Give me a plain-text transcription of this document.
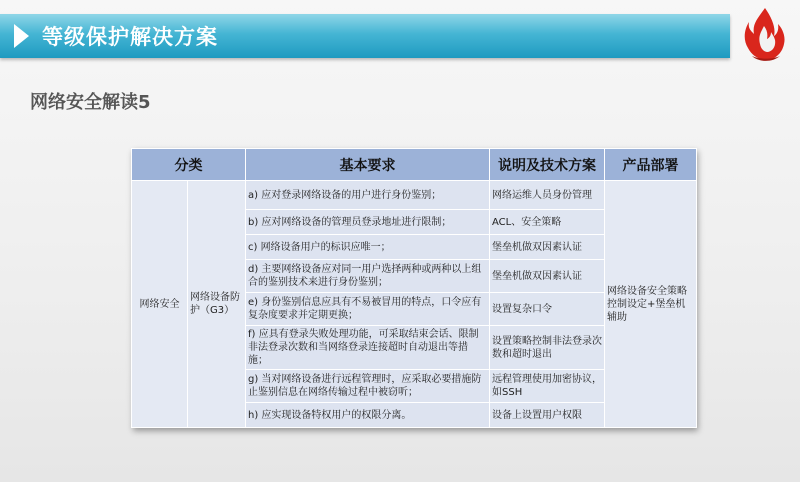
等级保护解决方案
网络安全解读5
分类		基本要求	说明及技术方案	产品部署
网络安全	网络设备防护（G3）	a) 应对登录网络设备的用户进行身份鉴别；	网络运维人员身份管理	网络设备安全策略控制设定+堡垒机辅助
		b) 应对网络设备的管理员登录地址进行限制；	ACL、安全策略	
		c) 网络设备用户的标识应唯一；	堡垒机做双因素认证	
		d) 主要网络设备应对同一用户选择两种或两种以上组合的鉴别技术来进行身份鉴别；	堡垒机做双因素认证	
		e) 身份鉴别信息应具有不易被冒用的特点，口令应有复杂度要求并定期更换；	设置复杂口令	
		f) 应具有登录失败处理功能，可采取结束会话、限制非法登录次数和当网络登录连接超时自动退出等措施；	设置策略控制非法登录次数和超时退出	
		g) 当对网络设备进行远程管理时，应采取必要措施防止鉴别信息在网络传输过程中被窃听；	远程管理使用加密协议，如SSH	
		h) 应实现设备特权用户的权限分离。	设备上设置用户权限	
